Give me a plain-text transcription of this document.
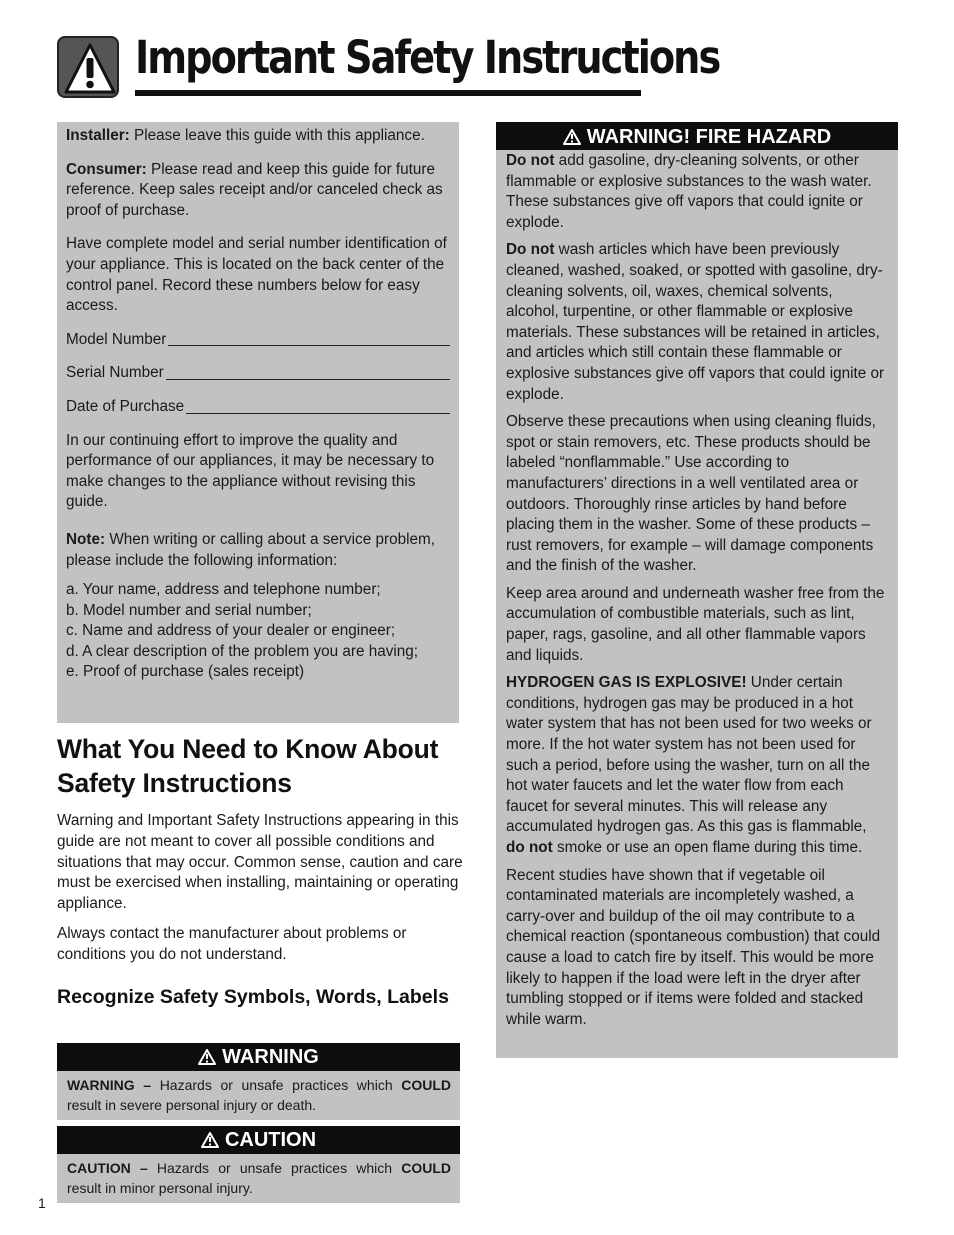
Important Safety Instructions

Installer: Please leave this guide with this appliance.

Consumer: Please read and keep this guide for future reference. Keep sales receipt and/or canceled check as proof of purchase.

Have complete model and serial number identification of your appliance. This is located on the back center of the control panel. Record these numbers below for easy access.

Model Number
Serial Number
Date of Purchase

In our continuing effort to improve the quality and performance of our appliances, it may be necessary to make changes to the appliance without revising this guide.

Note: When writing or calling about a service problem, please include the following information:

a. Your name, address and telephone number;
b. Model number and serial number;
c. Name and address of your dealer or engineer;
d. A clear description of the problem you are having;
e. Proof of purchase (sales receipt)
What You Need to Know About Safety Instructions

Warning and Important Safety Instructions appearing in this guide are not meant to cover all possible conditions and situations that may occur. Common sense, caution and care must be exercised when installing, maintaining or operating appliance.

Always contact the manufacturer about problems or conditions you do not understand.

Recognize Safety Symbols, Words, Labels
WARNING
WARNING – Hazards or unsafe practices which COULD result in severe personal injury or death.
CAUTION
CAUTION – Hazards or unsafe practices which COULD result in minor personal injury.
1
WARNING! FIRE HAZARD

Do not add gasoline, dry-cleaning solvents, or other flammable or explosive substances to the wash water. These substances give off vapors that could ignite or explode.

Do not wash articles which have been previously cleaned, washed, soaked, or spotted with gasoline, dry-cleaning solvents, oil, waxes, chemical solvents, alcohol, turpentine, or other flammable or explosive materials. These substances will be retained in articles, and articles which still contain these flammable or explosive substances give off vapors that could ignite or explode.

Observe these precautions when using cleaning fluids, spot or stain removers, etc. These products should be labeled “nonflammable.” Use according to manufacturers’ directions in a well ventilated area or outdoors. Thoroughly rinse articles by hand before placing them in the washer. Some of these products – rust removers, for example – will damage components and the finish of the washer.

Keep area around and underneath washer free from the accumulation of combustible materials, such as lint, paper, rags, gasoline, and all other flammable vapors and liquids.

HYDROGEN GAS IS EXPLOSIVE! Under certain conditions, hydrogen gas may be produced in a hot water system that has not been used for two weeks or more. If the hot water system has not been used for such a period, before using the washer, turn on all the hot water faucets and let the water flow from each faucet for several minutes. This will release any accumulated hydrogen gas. As this gas is flammable, do not smoke or use an open flame during this time.

Recent studies have shown that if vegetable oil contaminated materials are incompletely washed, a carry-over and buildup of the oil may contribute to a chemical reaction (spontaneous combustion) that could cause a load to catch fire by itself. This would be more likely to happen if the load were left in the dryer after tumbling stopped or if items were folded and stacked while warm.
